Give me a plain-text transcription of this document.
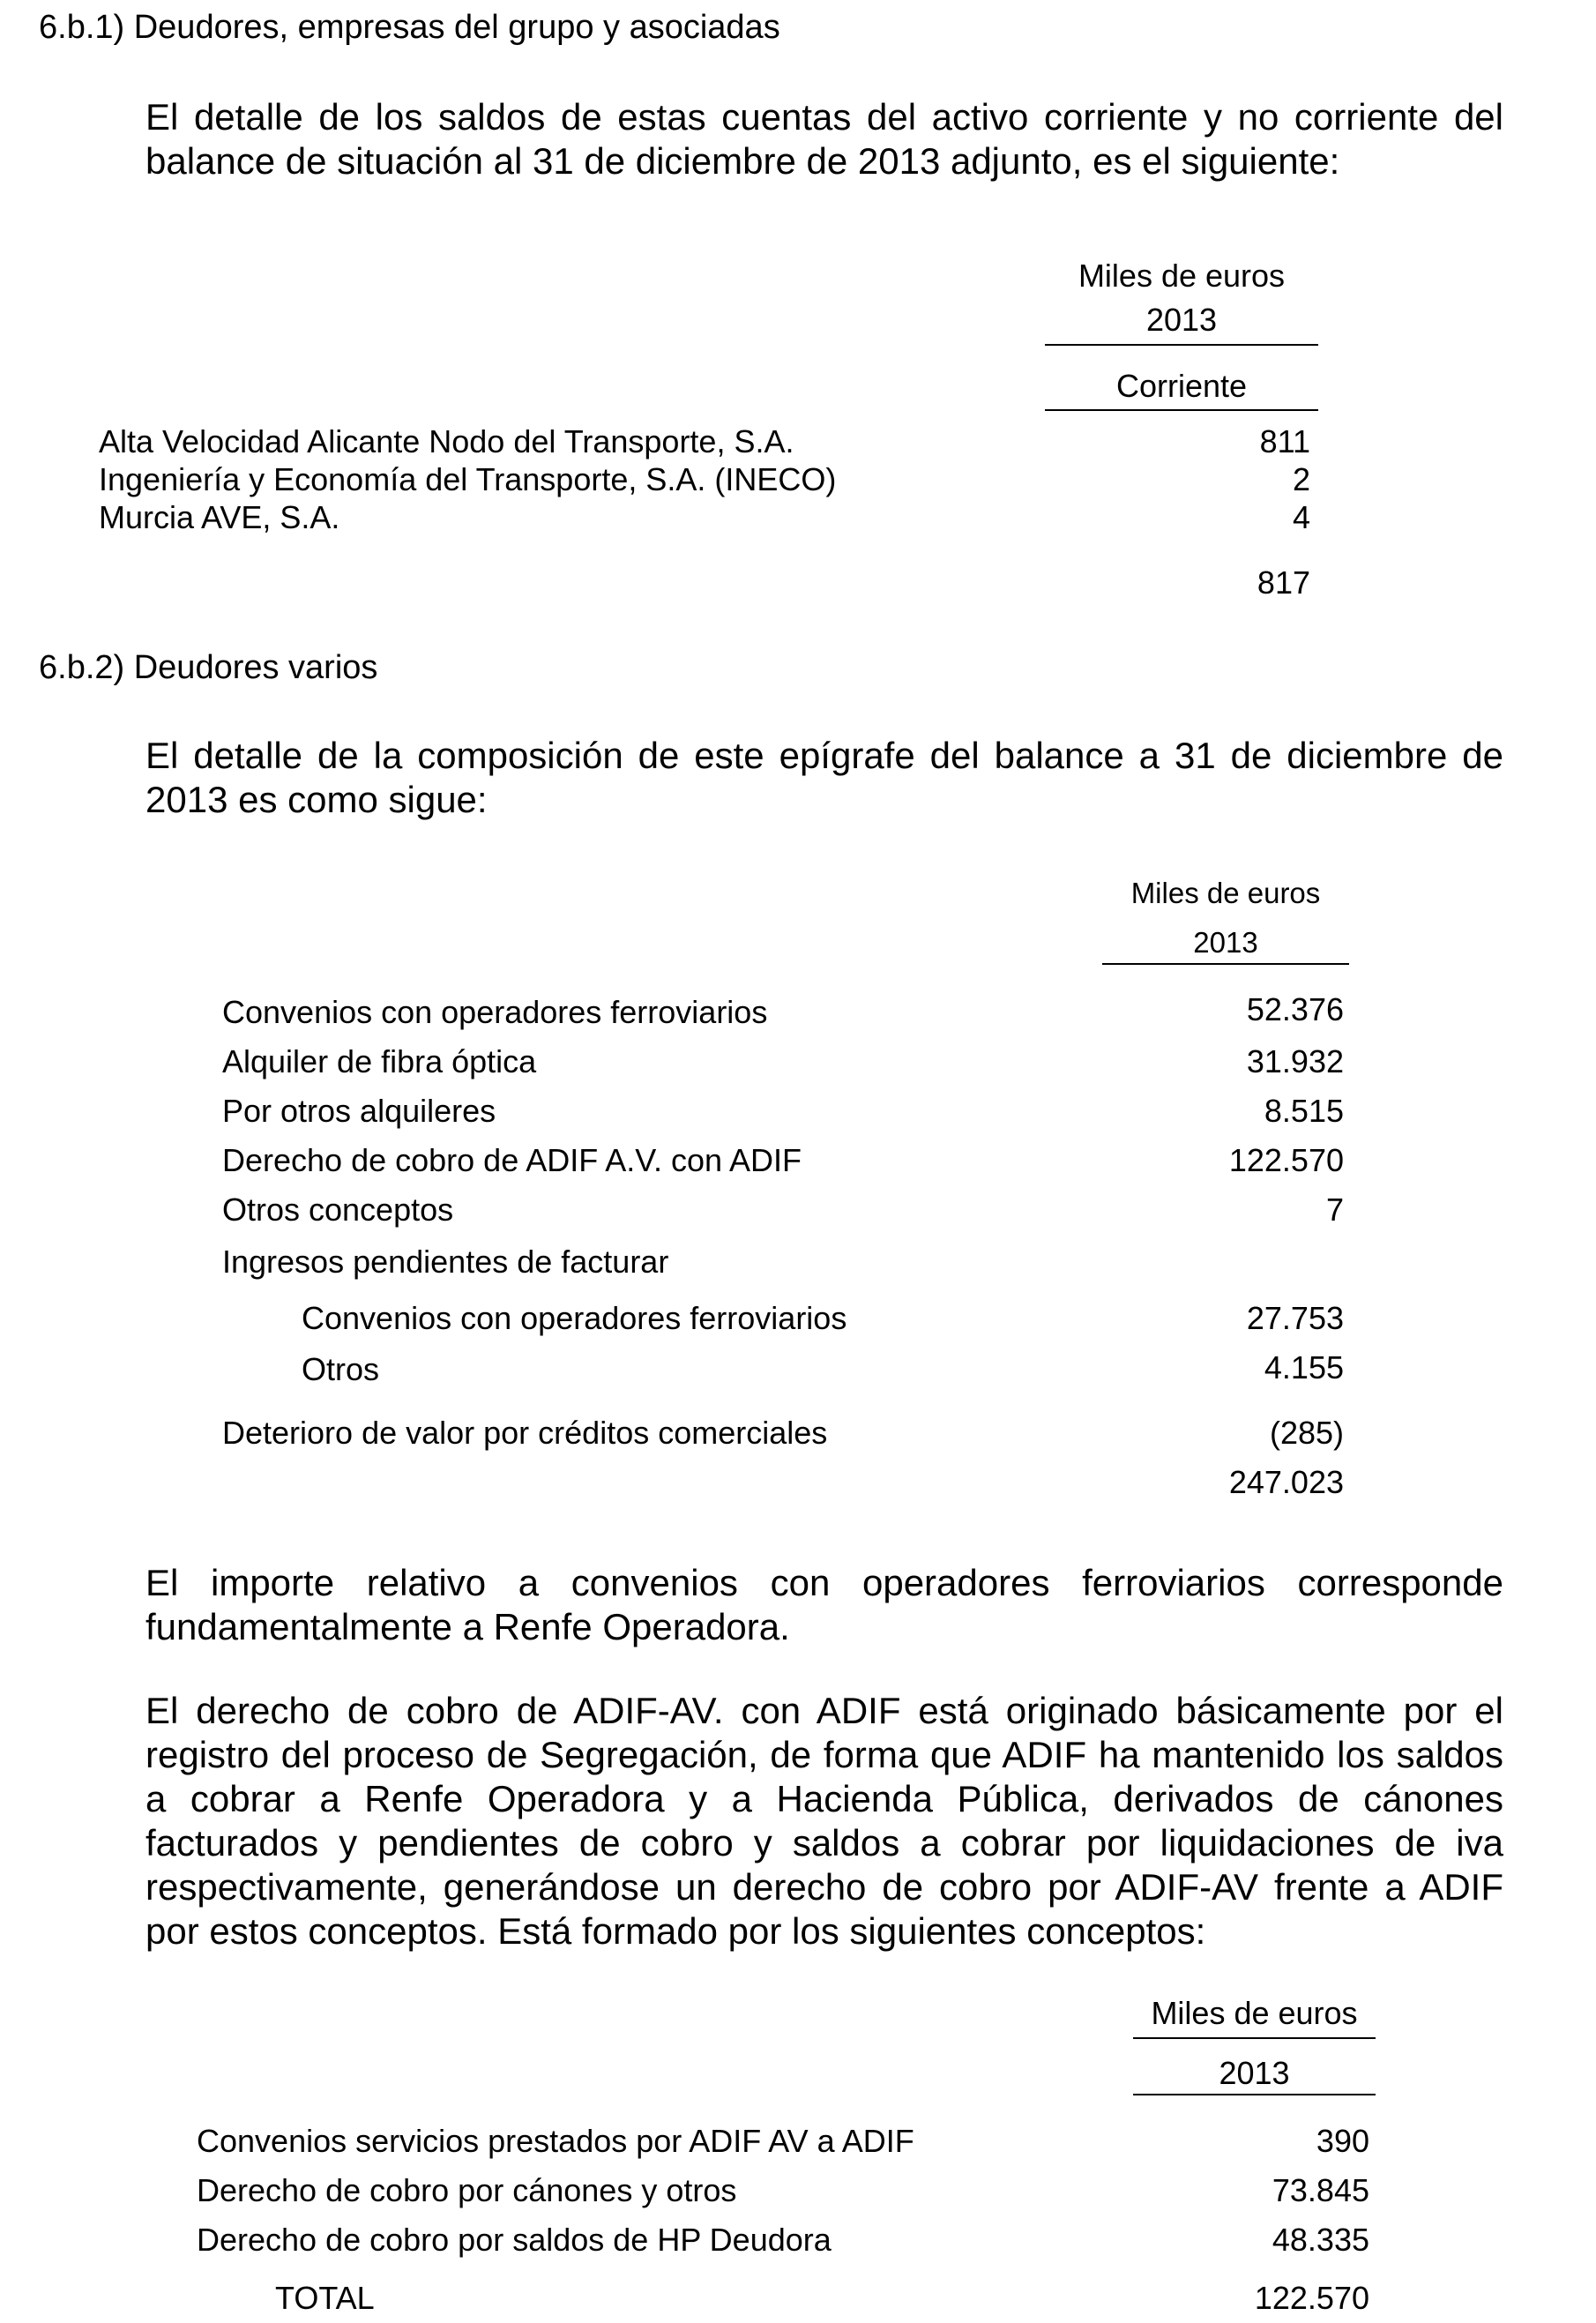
6.b.1) Deudores, empresas del grupo y asociadas
El detalle de los saldos de estas cuentas del activo corriente y no corriente del
balance de situación al 31 de diciembre de 2013 adjunto, es el siguiente:
Miles de euros
2013
Corriente
Alta Velocidad Alicante Nodo del Transporte, S.A.	811
Ingeniería y Economía del Transporte, S.A. (INECO)	2
Murcia AVE, S.A.	4
817
6.b.2) Deudores varios
El detalle de la composición de este epígrafe del balance a 31 de diciembre de
2013 es como sigue:
Miles de euros
2013
Convenios con operadores ferroviarios	52.376
Alquiler de fibra óptica	31.932
Por otros alquileres	8.515
Derecho de cobro de ADIF A.V. con ADIF	122.570
Otros conceptos	7
Ingresos pendientes de facturar
Convenios con operadores ferroviarios	27.753
Otros	4.155
Deterioro de valor por créditos comerciales	(285)
247.023
El importe relativo a convenios con operadores ferroviarios corresponde
fundamentalmente a Renfe Operadora.
El derecho de cobro de ADIF-AV. con ADIF está originado básicamente por el
registro del proceso de Segregación, de forma que ADIF ha mantenido los saldos
a cobrar a Renfe Operadora y a Hacienda Pública, derivados de cánones
facturados y pendientes de cobro y saldos a cobrar por liquidaciones de iva
respectivamente, generándose un derecho de cobro por ADIF-AV frente a ADIF
por estos conceptos. Está formado por los siguientes conceptos:
Miles de euros
2013
Convenios servicios prestados por ADIF AV a ADIF	390
Derecho de cobro por cánones y otros	73.845
Derecho de cobro por saldos de HP Deudora	48.335
TOTAL	122.570
